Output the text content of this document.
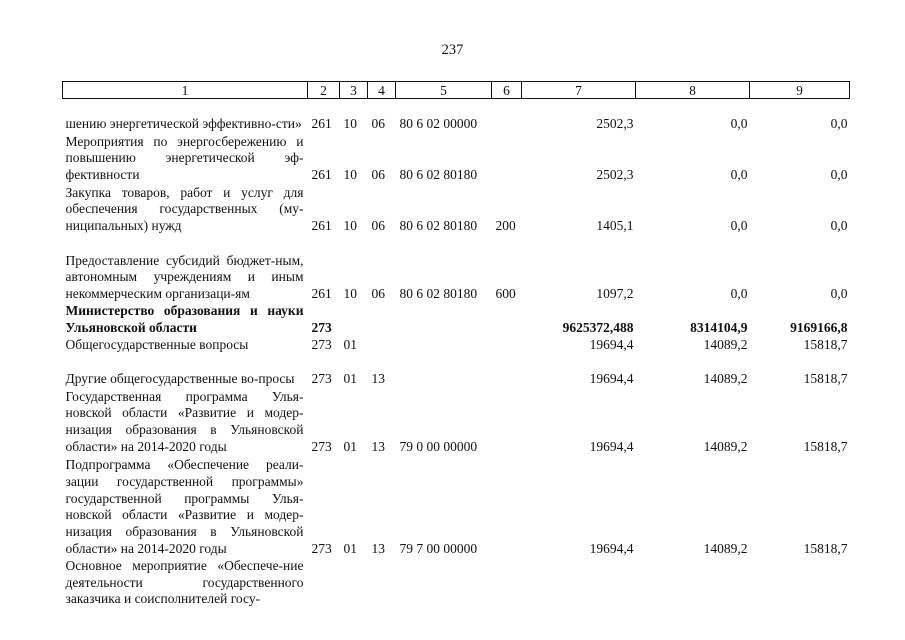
237
1	2	3	4	5	6	7	8	9
шению энергетической эффективно-сти»	261	10	06	80 6 02 00000		2502,3	0,0	0,0
Мероприятия по энергосбережению и повышению энергетической эф-фективности	261	10	06	80 6 02 80180		2502,3	0,0	0,0
Закупка товаров, работ и услуг для обеспечения государственных (му-ниципальных) нужд	261	10	06	80 6 02 80180	200	1405,1	0,0	0,0
Предоставление субсидий бюджет-ным, автономным учреждениям и иным некоммерческим организаци-ям	261	10	06	80 6 02 80180	600	1097,2	0,0	0,0
Министерство образования и науки Ульяновской области	273					9625372,488	8314104,9	9169166,8
Общегосударственные вопросы	273	01				19694,4	14089,2	15818,7
Другие общегосударственные во-просы	273	01	13			19694,4	14089,2	15818,7
Государственная программа Улья-новской области «Развитие и модер-низация образования в Ульяновской области» на 2014-2020 годы	273	01	13	79 0 00 00000		19694,4	14089,2	15818,7
Подпрограмма «Обеспечение реали-зации государственной программы» государственной программы Улья-новской области «Развитие и модер-низация образования в Ульяновской области» на 2014-2020 годы	273	01	13	79 7 00 00000		19694,4	14089,2	15818,7
Основное мероприятие «Обеспече-ние деятельности государственного заказчика и соисполнителей госу-								
